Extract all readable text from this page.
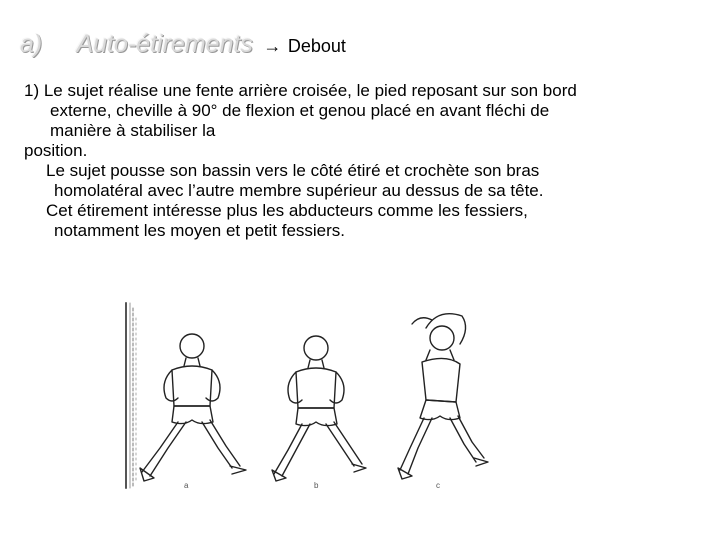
a) Auto-étirements → Debout
1) Le sujet réalise une fente arrière croisée, le pied reposant sur son bord
externe, cheville à 90° de flexion et genou placé en avant fléchi de
manière à stabiliser la
position.
Le sujet pousse son bassin vers le côté étiré et crochète son bras
homolatéral avec l’autre membre supérieur au dessus de sa tête.
Cet étirement intéresse plus les abducteurs comme les fessiers,
notamment les moyen et petit fessiers.
a	b	c
